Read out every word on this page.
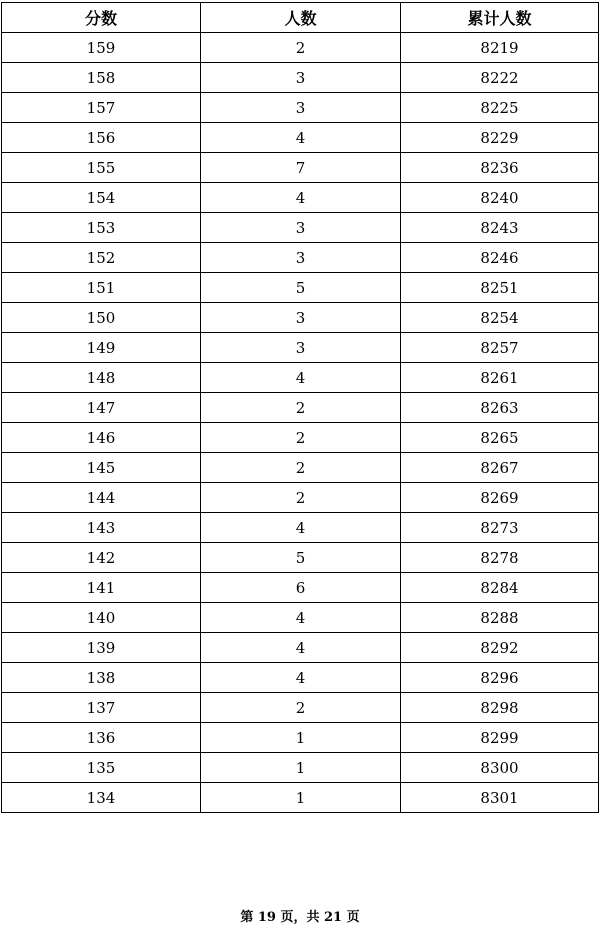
分数	人数	累计人数
159	2	8219
158	3	8222
157	3	8225
156	4	8229
155	7	8236
154	4	8240
153	3	8243
152	3	8246
151	5	8251
150	3	8254
149	3	8257
148	4	8261
147	2	8263
146	2	8265
145	2	8267
144	2	8269
143	4	8273
142	5	8278
141	6	8284
140	4	8288
139	4	8292
138	4	8296
137	2	8298
136	1	8299
135	1	8300
134	1	8301
第 19 页，共 21 页
